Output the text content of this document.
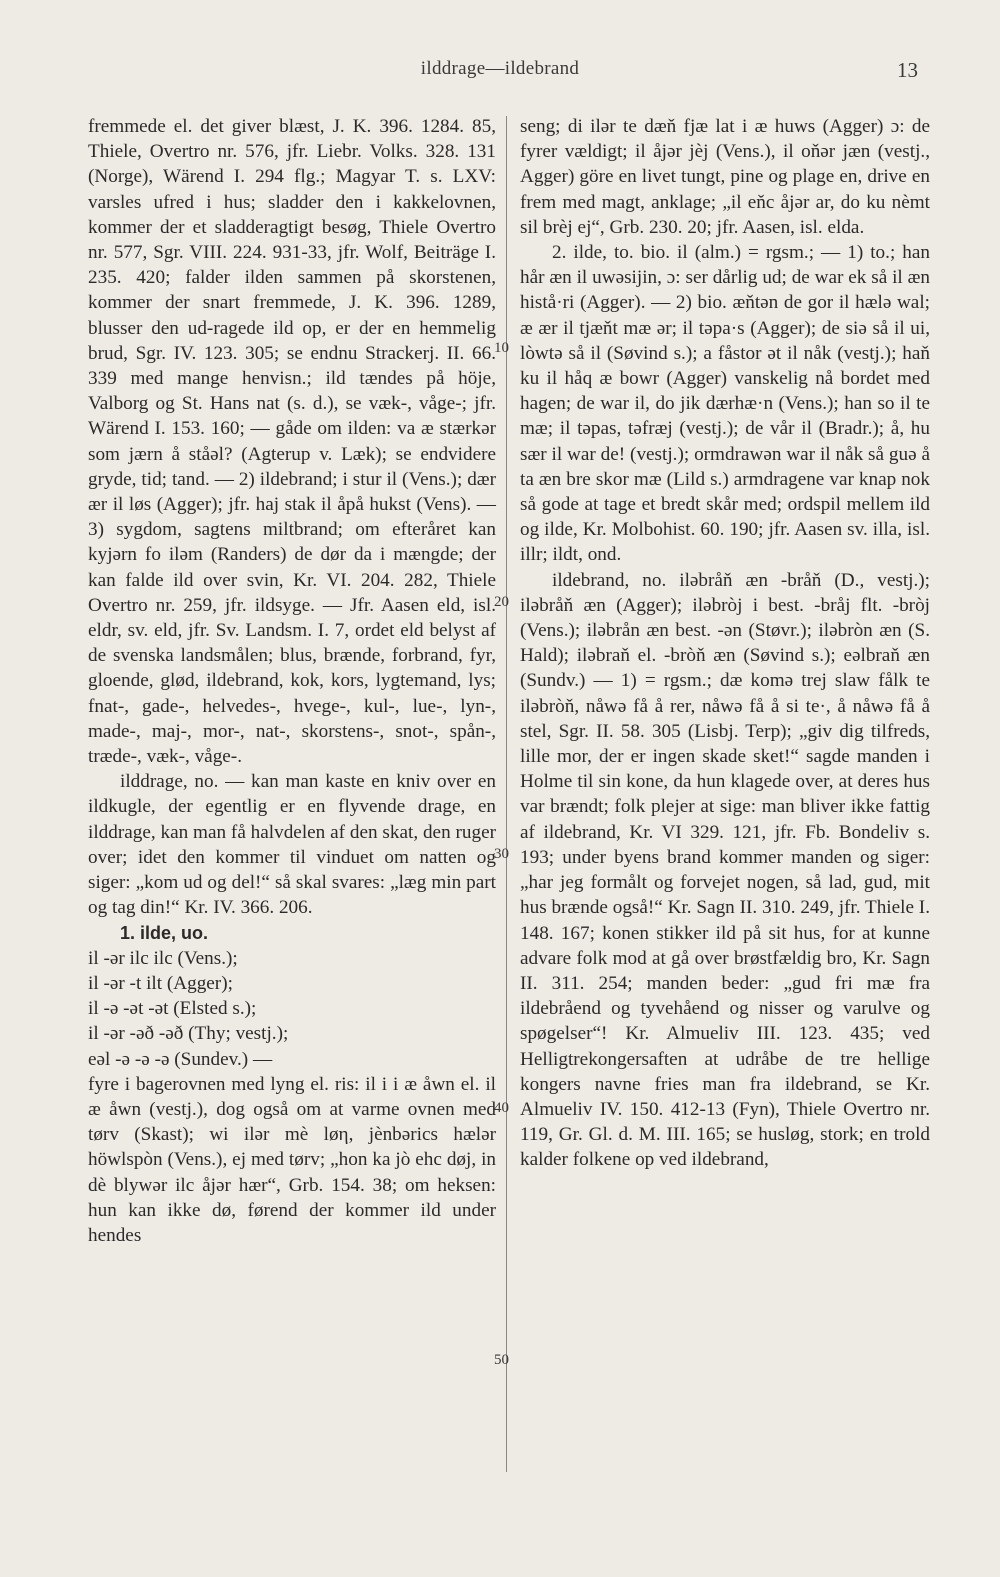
ilddrage—ildebrand	13
10
20
30
40
50

fremmede el. det giver blæst, J. K. 396. 1284. 85, Thiele, Overtro nr. 576, jfr. Liebr. Volks. 328. 131 (Norge), Wärend I. 294 flg.; Magyar T. s. LXV: varsles ufred i hus; sladder den i kakkelovnen, kommer der et sladderagtigt besøg, Thiele Overtro nr. 577, Sgr. VIII. 224. 931-33, jfr. Wolf, Beiträge I. 235. 420; falder ilden sammen på skorstenen, kommer der snart fremmede, J. K. 396. 1289, blusser den ud-ragede ild op, er der en hemmelig brud, Sgr. IV. 123. 305; se endnu Strackerj. II. 66. 339 med mange henvisn.; ild tændes på höje, Valborg og St. Hans nat (s. d.), se væk-, våge-; jfr. Wärend I. 153. 160; — gåde om ilden: va æ stærkər som jærn å ståəl? (Agterup v. Læk); se endvidere gryde, tid; tand. — 2) ildebrand; i stur il (Vens.); dær ær il løs (Agger); jfr. haj stak il åpå hukst (Vens). — 3) sygdom, sagtens miltbrand; om efteråret kan kyjərn fo iləm (Randers) de dør da i mængde; der kan falde ild over svin, Kr. VI. 204. 282, Thiele Overtro nr. 259, jfr. ildsyge. — Jfr. Aasen eld, isl. eldr, sv. eld, jfr. Sv. Landsm. I. 7, ordet eld belyst af de svenska landsmålen; blus, brænde, forbrand, fyr, gloende, glød, ildebrand, kok, kors, lygtemand, lys; fnat-, gade-, helvedes-, hvege-, kul-, lue-, lyn-, made-, maj-, mor-, nat-, skorstens-, snot-, spån-, træde-, væk-, våge-.

ilddrage, no. — kan man kaste en kniv over en ildkugle, der egentlig er en flyvende drage, en ilddrage, kan man få halvdelen af den skat, den ruger over; idet den kommer til vinduet om natten og siger: „kom ud og del!“ så skal svares: „læg min part og tag din!“ Kr. IV. 366. 206.

1. ilde, uo.

il -ər ilc ilc (Vens.);

il -ər -t ilt (Agger);

il -ə -ət -ət (Elsted s.);

il -ər -əð -əð (Thy; vestj.);

eəl -ə -ə -ə (Sundev.) —

fyre i bagerovnen med lyng el. ris: il i i æ åwn el. il æ åwn (vestj.), dog også om at varme ovnen med tørv (Skast); wi ilər mè løη, jènbərics hælər höwlspòn (Vens.), ej med tørv; „hon ka jò ehc døj, in dè blywər ilc åjər hær“, Grb. 154. 38; om heksen: hun kan ikke dø, førend der kommer ild under hendes

seng; di ilər te dæň fjæ lat i æ huws (Agger) ɔ: de fyrer vældigt; il åjər jèj (Vens.), il oňər jæn (vestj., Agger) göre en livet tungt, pine og plage en, drive en frem med magt, anklage; „il eňc åjər ar, do ku nèmt sil brèj ej“, Grb. 230. 20; jfr. Aasen, isl. elda.

2. ilde, to. bio. il (alm.) = rgsm.; — 1) to.; han hår æn il uwəsijin, ɔ: ser dårlig ud; de war ek så il æn histå·ri (Agger). — 2) bio. æňtən de gor il hælə wal; æ ær il tjæňt mæ ər; il təpa·s (Agger); de siə så il ui, lòwtə så il (Søvind s.); a fåstor ət il nåk (vestj.); haň ku il håq æ bowr (Agger) vanskelig nå bordet med hagen; de war il, do jik dærhæ·n (Vens.); han so il te mæ; il təpas, təfræj (vestj.); de vår il (Bradr.); å, hu sær il war de! (vestj.); ormdrawən war il nåk så guə å ta æn bre skor mæ (Lild s.) armdragene var knap nok så gode at tage et bredt skår med; ordspil mellem ild og ilde, Kr. Molbohist. 60. 190; jfr. Aasen sv. illa, isl. illr; ildt, ond.

ildebrand, no. iləbråň æn -bråň (D., vestj.); iləbråň æn (Agger); iləbròj i best. -bråj flt. -bròj (Vens.); iləbrån æn best. -ən (Støvr.); iləbròn æn (S. Hald); iləbraň el. -bròň æn (Søvind s.); eəlbraň æn (Sundv.) — 1) = rgsm.; dæ komə trej slaw fålk te iləbròň, nåwə få å rer, nåwə få å si te·, å nåwə få å stel, Sgr. II. 58. 305 (Lisbj. Terp); „giv dig tilfreds, lille mor, der er ingen skade sket!“ sagde manden i Holme til sin kone, da hun klagede over, at deres hus var brændt; folk plejer at sige: man bliver ikke fattig af ildebrand, Kr. VI 329. 121, jfr. Fb. Bondeliv s. 193; under byens brand kommer manden og siger: „har jeg formålt og forvejet nogen, så lad, gud, mit hus brænde også!“ Kr. Sagn II. 310. 249, jfr. Thiele I. 148. 167; konen stikker ild på sit hus, for at kunne advare folk mod at gå over brøstfældig bro, Kr. Sagn II. 311. 254; manden beder: „gud fri mæ fra ildebråend og tyvehåend og nisser og varulve og spøgelser“! Kr. Almueliv III. 123. 435; ved Helligtrekongersaftеn at udråbe de tre hellige kongers navne fries man fra ildebrand, se Kr. Almueliv IV. 150. 412-13 (Fyn), Thiele Overtro nr. 119, Gr. Gl. d. M. III. 165; se husløg, stork; en trold kalder folkene op ved ildebrand,
